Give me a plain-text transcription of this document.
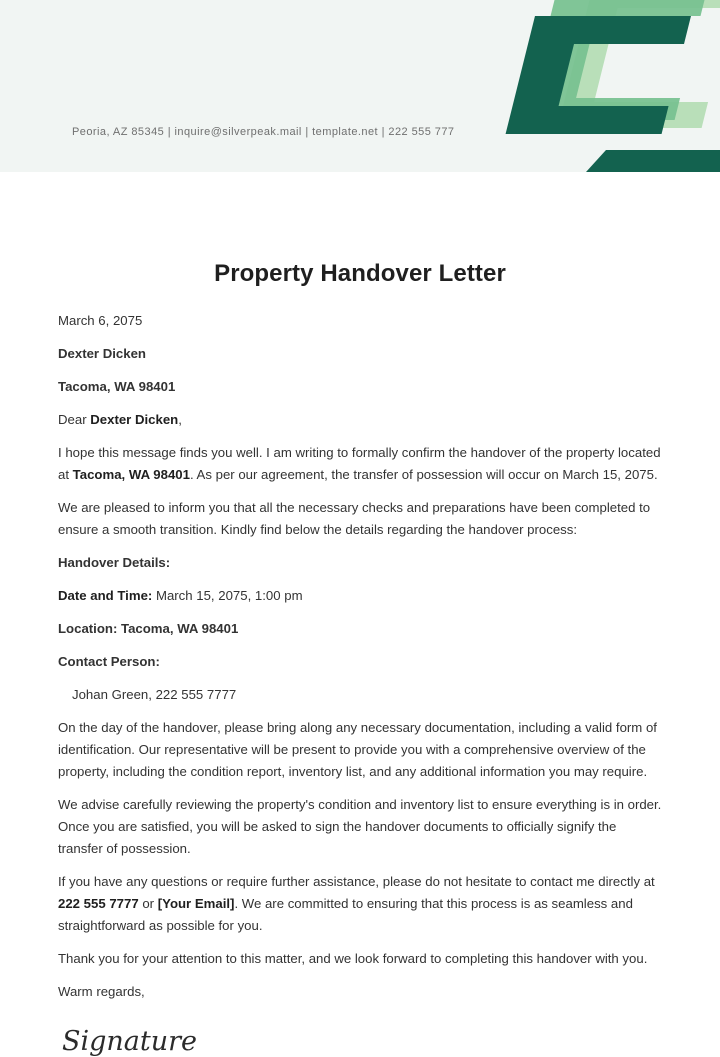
Peoria, AZ 85345 | inquire@silverpeak.mail | template.net | 222 555 777
Property Handover Letter

March 6, 2075

Dexter Dicken

Tacoma, WA 98401

Dear Dexter Dicken,

I hope this message finds you well. I am writing to formally confirm the handover of the property located at Tacoma, WA 98401. As per our agreement, the transfer of possession will occur on March 15, 2075.

We are pleased to inform you that all the necessary checks and preparations have been completed to ensure a smooth transition. Kindly find below the details regarding the handover process:

Handover Details:

Date and Time: March 15, 2075, 1:00 pm

Location: Tacoma, WA 98401

Contact Person:

Johan Green, 222 555 7777

On the day of the handover, please bring along any necessary documentation, including a valid form of identification. Our representative will be present to provide you with a comprehensive overview of the property, including the condition report, inventory list, and any additional information you may require.

We advise carefully reviewing the property's condition and inventory list to ensure everything is in order. Once you are satisfied, you will be asked to sign the handover documents to officially signify the transfer of possession.

If you have any questions or require further assistance, please do not hesitate to contact me directly at 222 555 7777 or [Your Email]. We are committed to ensuring that this process is as seamless and straightforward as possible for you.

Thank you for your attention to this matter, and we look forward to completing this handover with you.

Warm regards,

Signature
